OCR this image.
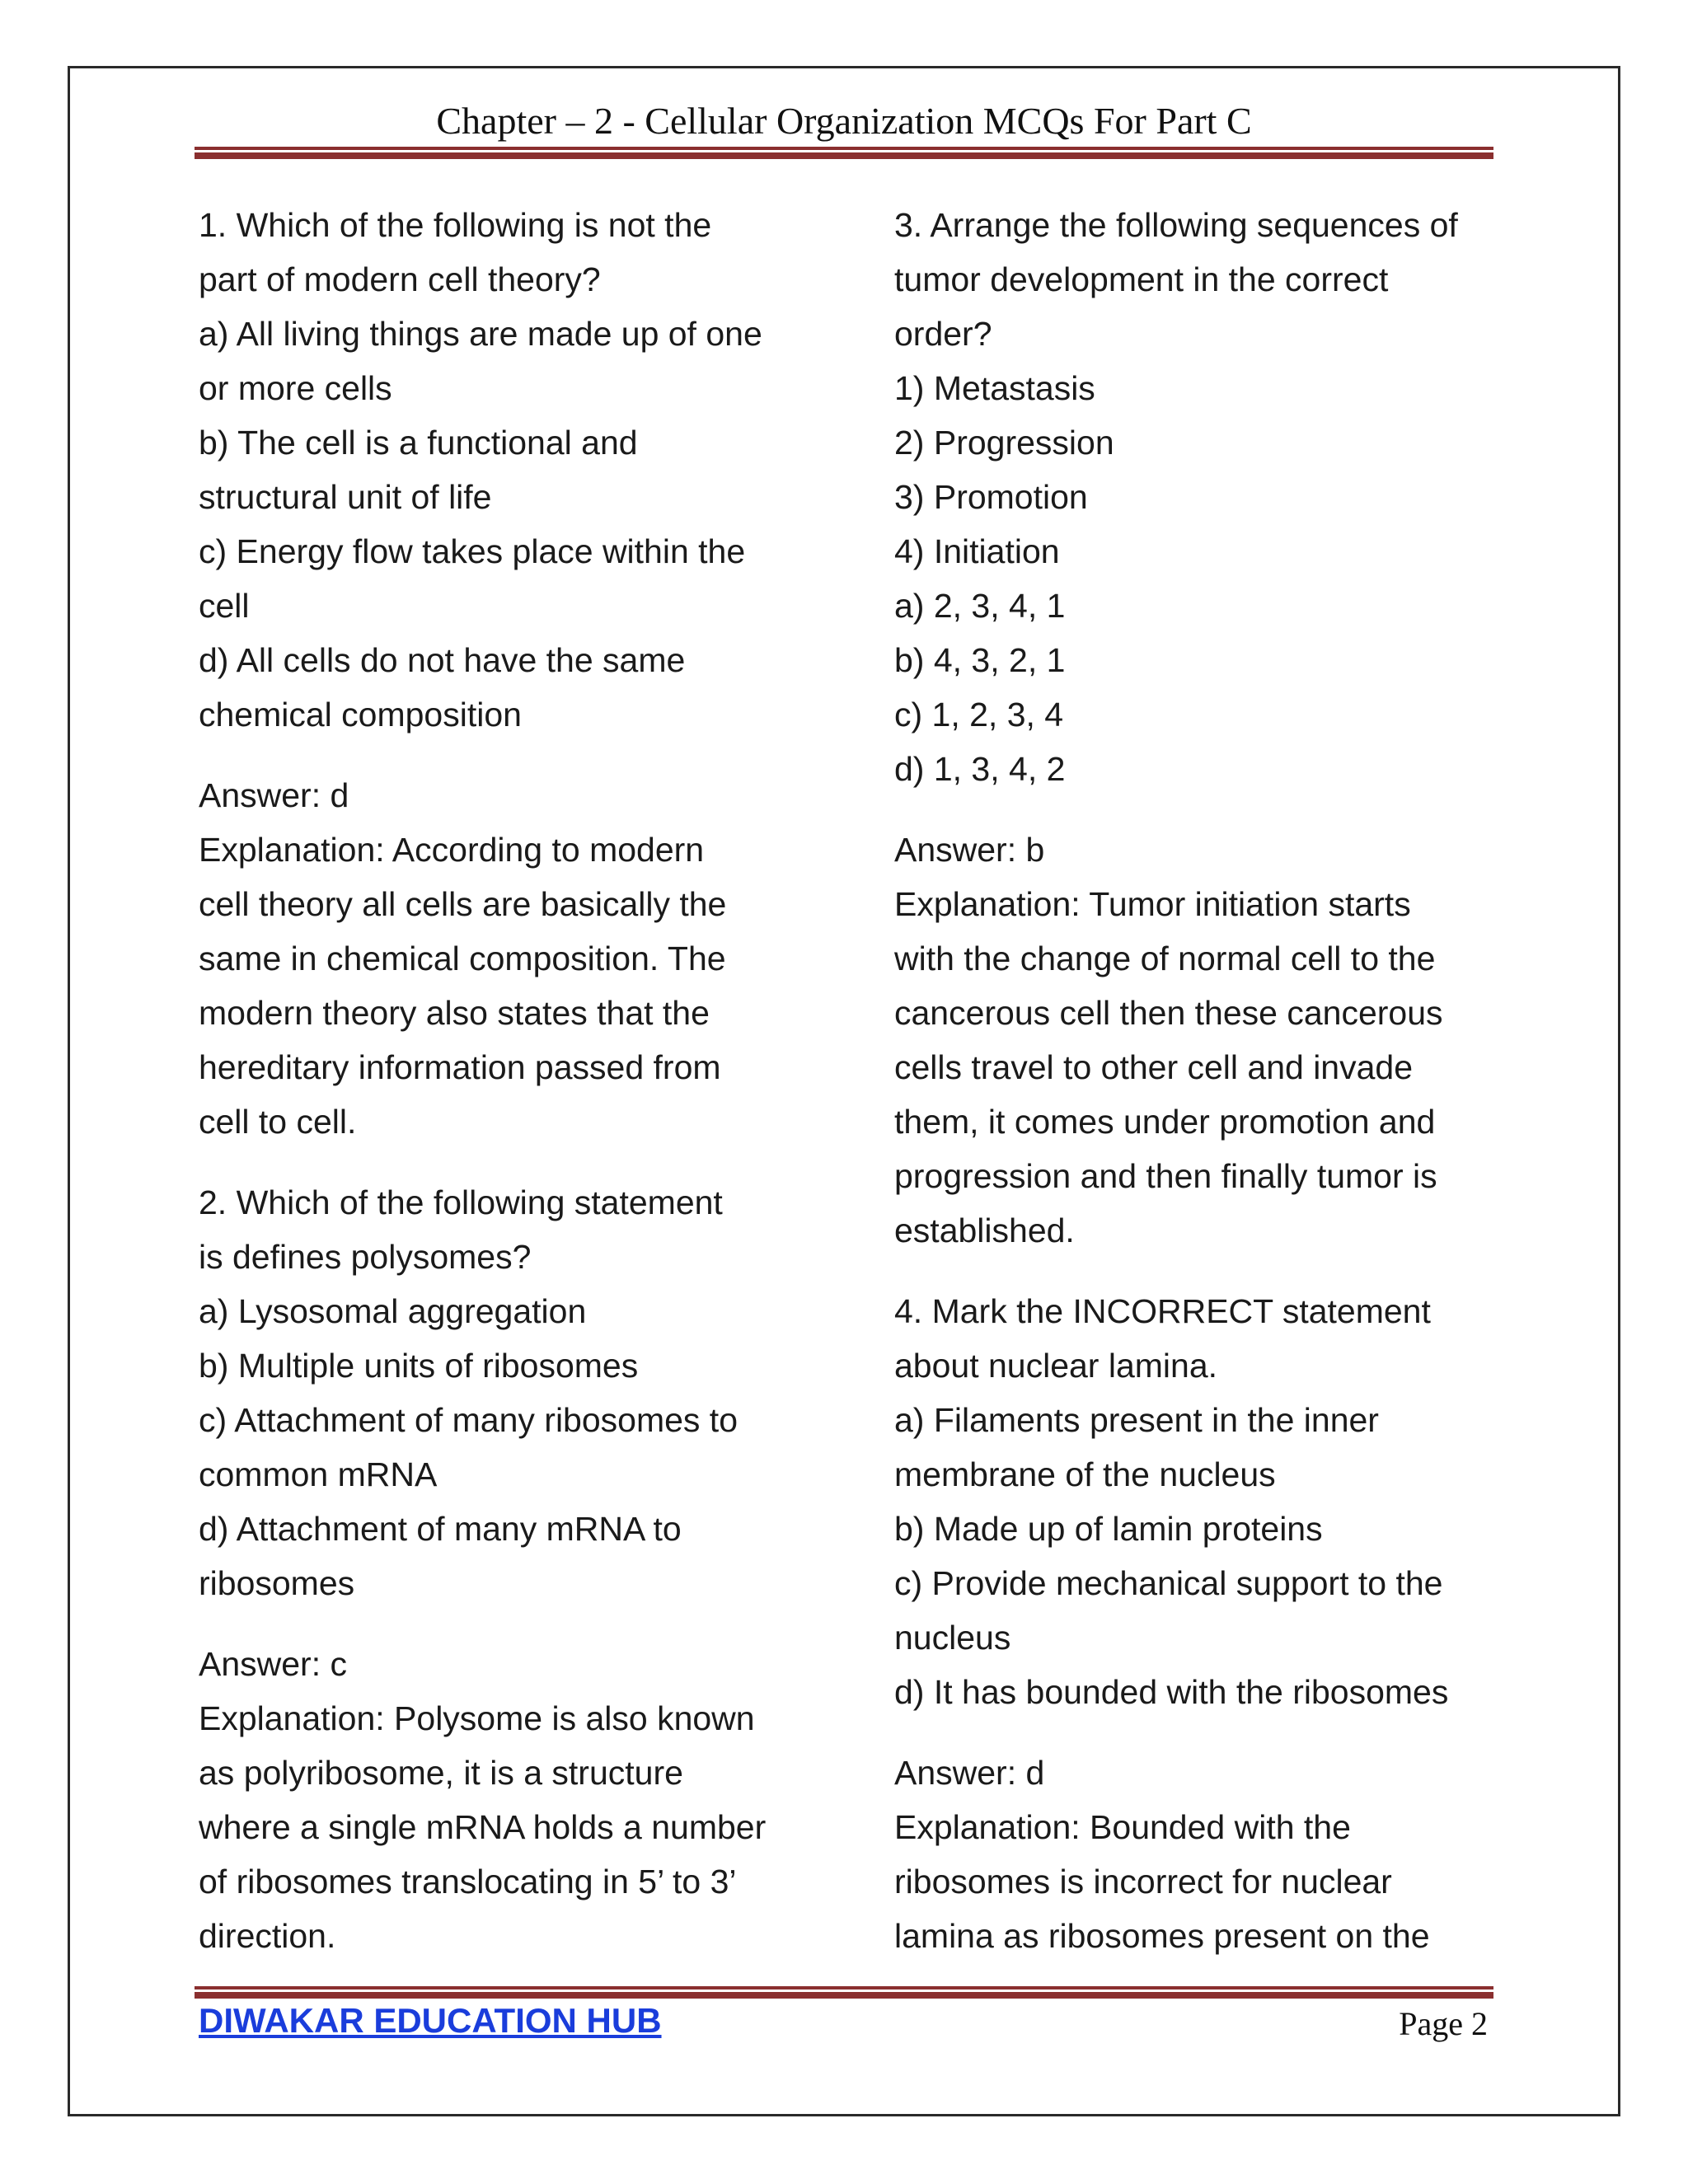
Chapter – 2 - Cellular Organization MCQs For Part C
1. Which of the following is not the
part of modern cell theory?
a) All living things are made up of one
or more cells
b) The cell is a functional and
structural unit of life
c) Energy flow takes place within the
cell
d) All cells do not have the same
chemical composition
Answer: d
Explanation: According to modern
cell theory all cells are basically the
same in chemical composition. The
modern theory also states that the
hereditary information passed from
cell to cell.
2. Which of the following statement
is defines polysomes?
a) Lysosomal aggregation
b) Multiple units of ribosomes
c) Attachment of many ribosomes to
common mRNA
d) Attachment of many mRNA to
ribosomes
Answer: c
Explanation: Polysome is also known
as polyribosome, it is a structure
where a single mRNA holds a number
of ribosomes translocating in 5’ to 3’
direction.
3. Arrange the following sequences of
tumor development in the correct
order?
1) Metastasis
2) Progression
3) Promotion
4) Initiation
a) 2, 3, 4, 1
b) 4, 3, 2, 1
c) 1, 2, 3, 4
d) 1, 3, 4, 2
Answer: b
Explanation: Tumor initiation starts
with the change of normal cell to the
cancerous cell then these cancerous
cells travel to other cell and invade
them, it comes under promotion and
progression and then finally tumor is
established.
4. Mark the INCORRECT statement
about nuclear lamina.
a) Filaments present in the inner
membrane of the nucleus
b) Made up of lamin proteins
c) Provide mechanical support to the
nucleus
d) It has bounded with the ribosomes
Answer: d
Explanation: Bounded with the
ribosomes is incorrect for nuclear
lamina as ribosomes present on the
DIWAKAR EDUCATION HUB	Page 2
